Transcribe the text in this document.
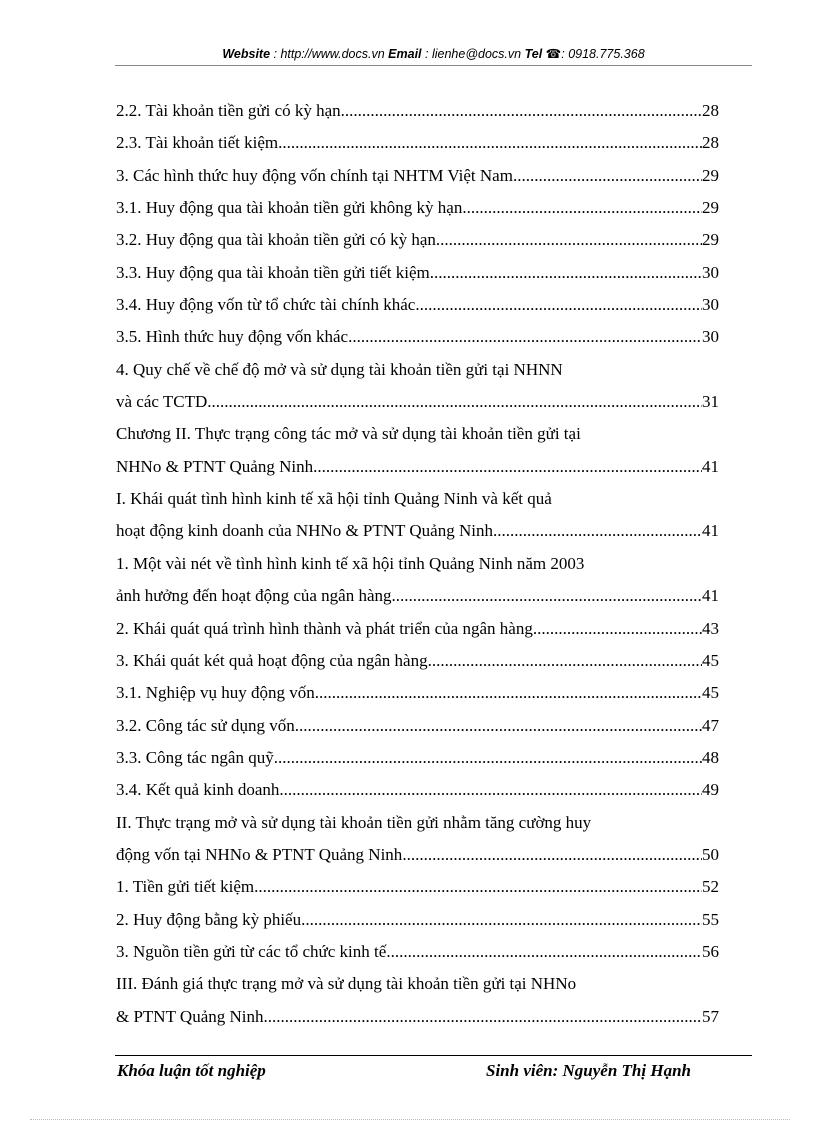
Website : http://www.docs.vn Email : lienhe@docs.vn Tel ☎: 0918.775.368
2.2. Tài khoản tiền gửi có kỳ hạn .....	28
2.3. Tài khoản tiết kiệm .....	28
3. Các hình thức huy động vốn chính tại NHTM Việt Nam .....	29
3.1. Huy động qua tài khoản tiền gửi không kỳ hạn .....	29
3.2. Huy động qua tài khoản tiền gửi có kỳ hạn .....	29
3.3. Huy động qua tài khoản tiền gửi tiết kiệm .....	30
3.4. Huy động vốn từ tổ chức tài chính khác .....	30
3.5. Hình thức huy động vốn khác .....	30
4. Quy chế về chế độ mở và sử dụng tài khoản tiền gửi tại NHNN
và các TCTD .....	31
Chương II. Thực trạng công tác mở và sử dụng tài khoản tiền gửi tại
NHNo & PTNT Quảng Ninh .....	41
I. Khái quát tình hình kinh tế xã hội tỉnh Quảng Ninh và kết quả
hoạt động kinh doanh của NHNo & PTNT Quảng Ninh .....	41
1. Một vài nét về tình hình kinh tế xã hội tỉnh Quảng Ninh năm 2003
ảnh hưởng đến hoạt động của ngân hàng .....	41
2. Khái quát quá trình hình thành và phát triển của ngân hàng .....	43
3. Khái quát két quả hoạt động của ngân hàng .....	45
3.1. Nghiệp vụ huy động vốn .....	45
3.2. Công tác sử dụng vốn .....	47
3.3. Công tác ngân quỹ .....	48
3.4. Kết quả kinh doanh .....	49
II. Thực trạng mở và sử dụng tài khoản tiền gửi nhằm tăng cường huy
động vốn tại NHNo & PTNT Quảng Ninh .....	50
1. Tiền gửi tiết kiệm .....	52
2. Huy động bằng kỳ phiếu .....	55
3. Nguồn tiền gửi từ các tổ chức kinh tế .....	56
III. Đánh giá thực trạng mở và sử dụng tài khoản tiền gửi tại NHNo
& PTNT Quảng Ninh .....	57
Khóa luận tốt nghiệp	Sinh viên: Nguyễn Thị Hạnh
